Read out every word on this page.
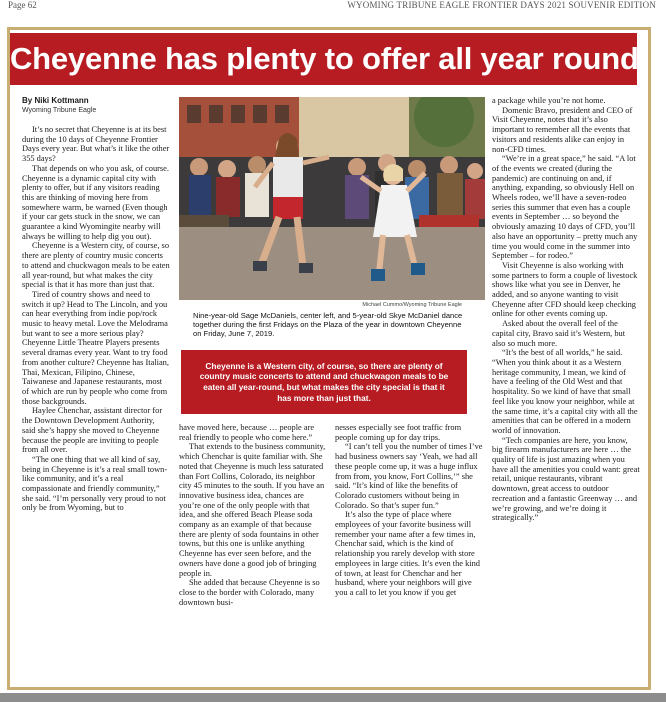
Page 62	WYOMING TRIBUNE EAGLE FRONTIER DAYS 2021 SOUVENIR EDITION
Cheyenne has plenty to offer all year round
By Niki Kottmann
Wyoming Tribune Eagle

It’s no secret that Cheyenne is at its best during the 10 days of Cheyenne Frontier Days every year. But what’s it like the other 355 days?

That depends on who you ask, of course. Cheyenne is a dynamic capital city with plenty to offer, but if any visitors reading this are thinking of moving here from somewhere warm, be warned (Even though if your car gets stuck in the snow, we can guarantee a kind Wyomingite nearby will always be willing to help dig you out).

Cheyenne is a Western city, of course, so there are plenty of country music concerts to attend and chuckwagon meals to be eaten all year-round, but what makes the city special is that it has more than just that.

Tired of country shows and need to switch it up? Head to The Lincoln, and you can hear everything from indie pop/rock music to heavy metal. Love the Melodrama but want to see a more serious play? Cheyenne Little Theatre Players presents several dramas every year. Want to try food from another culture? Cheyenne has Italian, Thai, Mexican, Filipino, Chinese, Taiwanese and Japanese restaurants, most of which are run by people who come from those backgrounds.

Haylee Chenchar, assistant director for the Downtown Development Authority, said she’s happy she moved to Cheyenne because the people are inviting to people from all over.

“The one thing that we all kind of say, being in Cheyenne is it’s a real small town-like community, and it’s a real compassionate and friendly community,” she said. “I’m personally very proud to not only be from Wyoming, but to

have moved here, because … people are real friendly to people who come here.”

That extends to the business community, which Chenchar is quite familiar with. She noted that Cheyenne is much less saturated than Fort Collins, Colorado, its neighbor city 45 minutes to the south. If you have an innovative business idea, chances are you’re one of the only people with that idea, and she offered Beach Please soda company as an example of that because there are plenty of soda fountains in other towns, but this one is unlike anything Cheyenne has ever seen before, and the owners have done a good job of bringing people in.

She added that because Cheyenne is so close to the border with Colorado, many downtown busi-

nesses especially see foot traffic from people coming up for day trips.

“I can’t tell you the number of times I’ve had business owners say ‘Yeah, we had all these people come up, it was a huge influx from from, you know, Fort Collins,’” she said. “It’s kind of like the benefits of Colorado customers without being in Colorado. So that’s super fun.”

It’s also the type of place where employees of your favorite business will remember your name after a few times in, Chenchar said, which is the kind of relationship you rarely develop with store employees in large cities. It’s even the kind of town, at least for Chenchar and her husband, where your neighbors will give you a call to let you know if you get

a package while you’re not home.

Domenic Bravo, president and CEO of Visit Cheyenne, notes that it’s also important to remember all the events that visitors and residents alike can enjoy in non-CFD times.

“We’re in a great space,” he said. “A lot of the events we created (during the pandemic) are continuing on and, if anything, expanding, so obviously Hell on Wheels rodeo, we’ll have a seven-rodeo series this summer that even has a couple events in September … so beyond the obviously amazing 10 days of CFD, you’ll also have an opportunity – pretty much any time you would come in the summer into September – for rodeo.”

Visit Cheyenne is also working with some partners to form a couple of livestock shows like what you see in Denver, he added, and so anyone wanting to visit Cheyenne after CFD should keep checking online for other events coming up.

Asked about the overall feel of the capital city, Bravo said it’s Western, but also so much more.

“It’s the best of all worlds,” he said. “When you think about it as a Western heritage community, I mean, we kind of have a feeling of the Old West and that hospitality. So we kind of have that small feel like you know your neighbor, while at the same time, it’s a capital city with all the amenities that can be offered in a modern world of innovation.

“Tech companies are here, you know, big firearm manufacturers are here … the quality of life is just amazing when you have all the amenities you could want: great retail, unique restaurants, vibrant downtown, great access to outdoor recreation and a fantastic Greenway … and we’re growing, and we’re doing it strategically.”

Michael Cummo/Wyoming Tribune Eagle
Nine-year-old Sage McDaniels, center left, and 5-year-old Skye McDaniel dance together during the first Fridays on the Plaza of the year in downtown Cheyenne on Friday, June 7, 2019.
Cheyenne is a Western city, of course, so there are plenty of country music concerts to attend and chuckwagon meals to be eaten all year-round, but what makes the city special is that it has more than just that.
